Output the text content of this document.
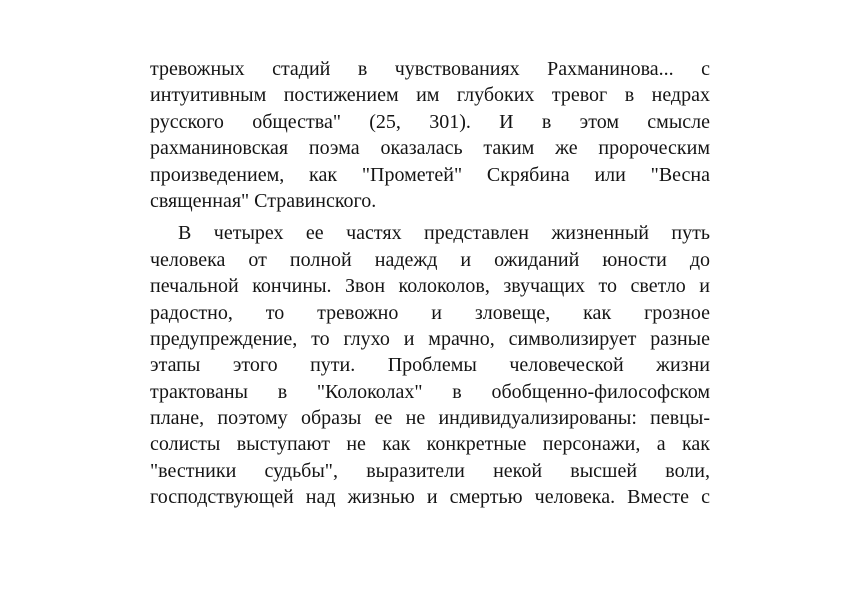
тревожных стадий в чувствованиях Рахманинова... с
интуитивным постижением им глубоких тревог в недрах
русского общества" (25, 301). И в этом смысле
рахманиновская поэма оказалась таким же пророческим
произведением, как "Прометей" Скрябина или "Весна
священная" Стравинского.
В четырех ее частях представлен жизненный путь
человека от полной надежд и ожиданий юности до
печальной кончины. Звон колоколов, звучащих то светло и
радостно, то тревожно и зловеще, как грозное
предупреждение, то глухо и мрачно, символизирует разные
этапы этого пути. Проблемы человеческой жизни
трактованы в "Колоколах" в обобщенно-философском
плане, поэтому образы ее не индивидуализированы: певцы-
солисты выступают не как конкретные персонажи, а как
"вестники судьбы", выразители некой высшей воли,
господствующей над жизнью и смертью человека. Вместе с
